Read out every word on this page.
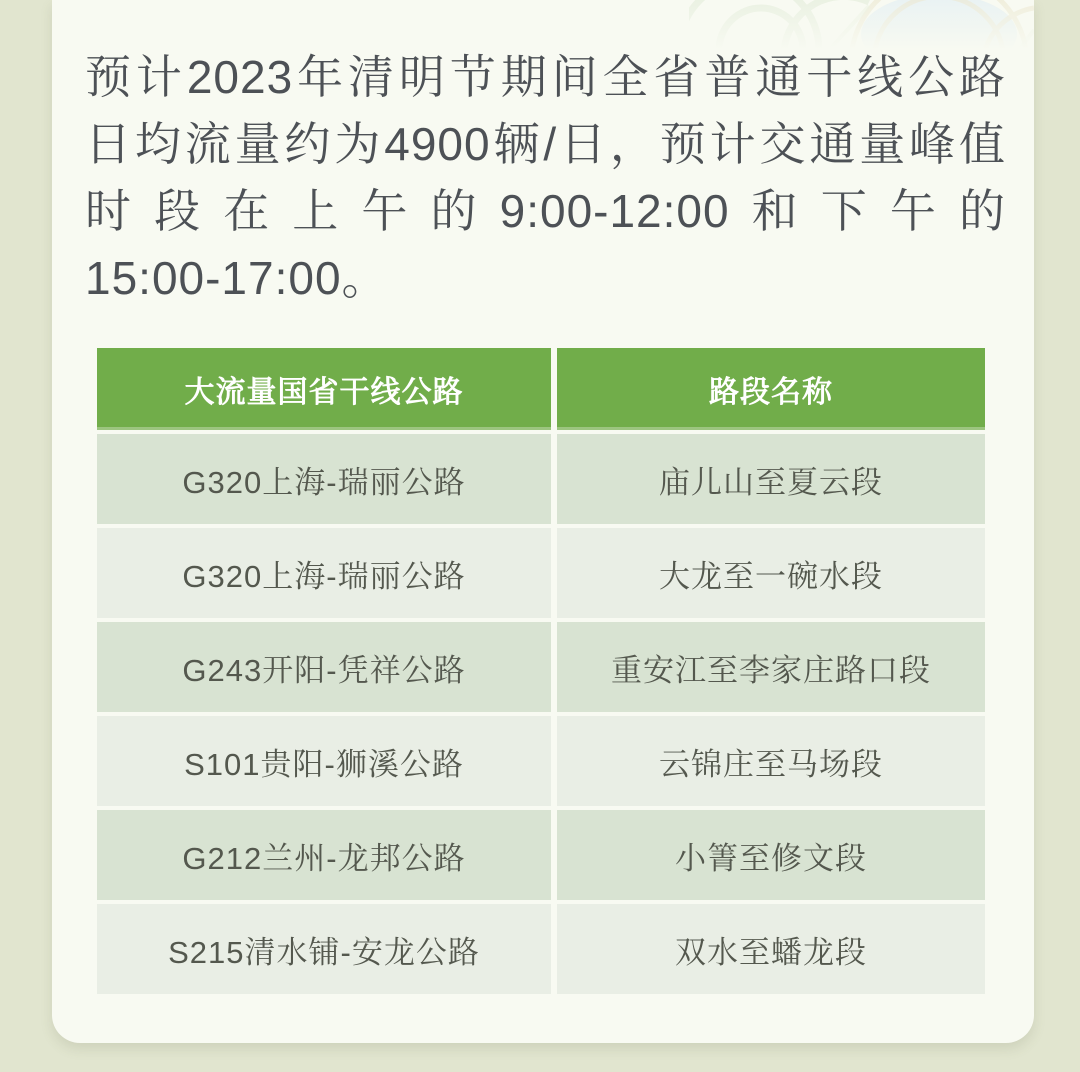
预计2023年清明节期间全省普通干线公路
日均流量约为4900辆/日，预计交通量峰值
时段在上午的9:00-12:00和下午的
15:00-17:00。
大流量国省干线公路	路段名称
G320上海-瑞丽公路	庙儿山至夏云段
G320上海-瑞丽公路	大龙至一碗水段
G243开阳-凭祥公路	重安江至李家庄路口段
S101贵阳-狮溪公路	云锦庄至马场段
G212兰州-龙邦公路	小箐至修文段
S215清水铺-安龙公路	双水至蟠龙段
